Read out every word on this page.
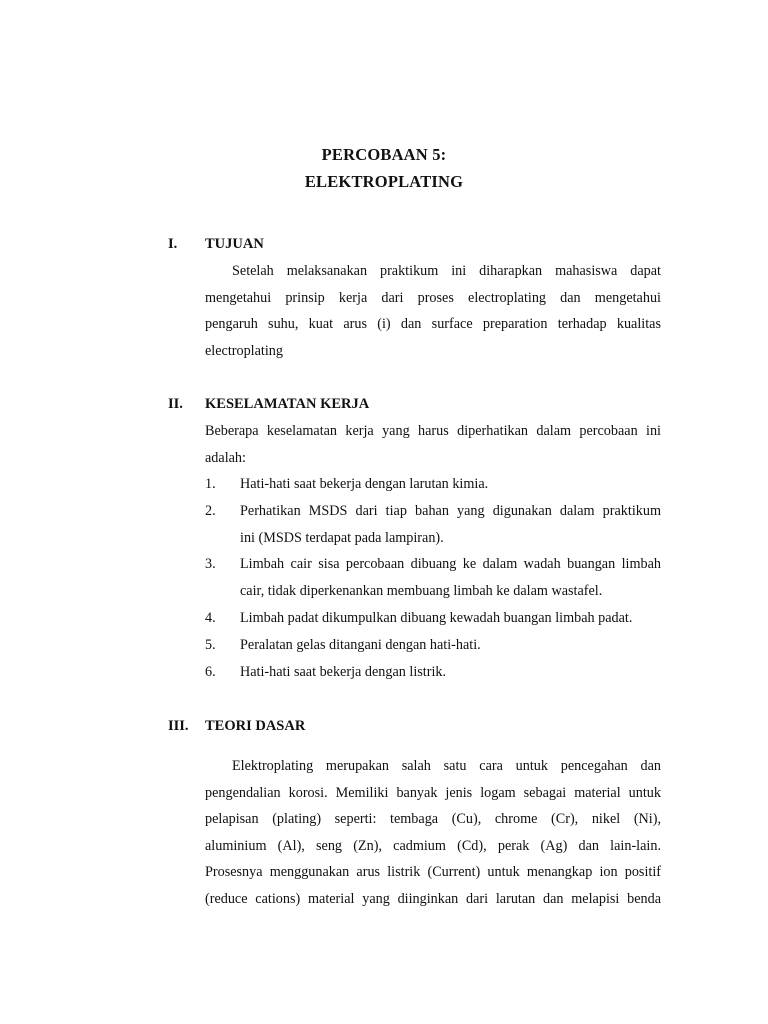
PERCOBAAN 5:
ELEKTROPLATING
I. TUJUAN
Setelah melaksanakan praktikum ini diharapkan mahasiswa dapat
mengetahui prinsip kerja dari proses electroplating dan mengetahui
pengaruh suhu, kuat arus (i) dan surface preparation terhadap kualitas
electroplating
II. KESELAMATAN KERJA
Beberapa keselamatan kerja yang harus diperhatikan dalam percobaan ini
adalah:
1. Hati-hati saat bekerja dengan larutan kimia.
2. Perhatikan MSDS dari tiap bahan yang digunakan dalam praktikum
ini (MSDS terdapat pada lampiran).
3. Limbah cair sisa percobaan dibuang ke dalam wadah buangan limbah
cair, tidak diperkenankan membuang limbah ke dalam wastafel.
4. Limbah padat dikumpulkan dibuang kewadah buangan limbah padat.
5. Peralatan gelas ditangani dengan hati-hati.
6. Hati-hati saat bekerja dengan listrik.
III. TEORI DASAR
Elektroplating merupakan salah satu cara untuk pencegahan dan
pengendalian korosi. Memiliki banyak jenis logam sebagai material untuk
pelapisan (plating) seperti: tembaga (Cu), chrome (Cr), nikel (Ni),
aluminium (Al), seng (Zn), cadmium (Cd), perak (Ag) dan lain-lain.
Prosesnya menggunakan arus listrik (Current) untuk menangkap ion positif
(reduce cations) material yang diinginkan dari larutan dan melapisi benda
